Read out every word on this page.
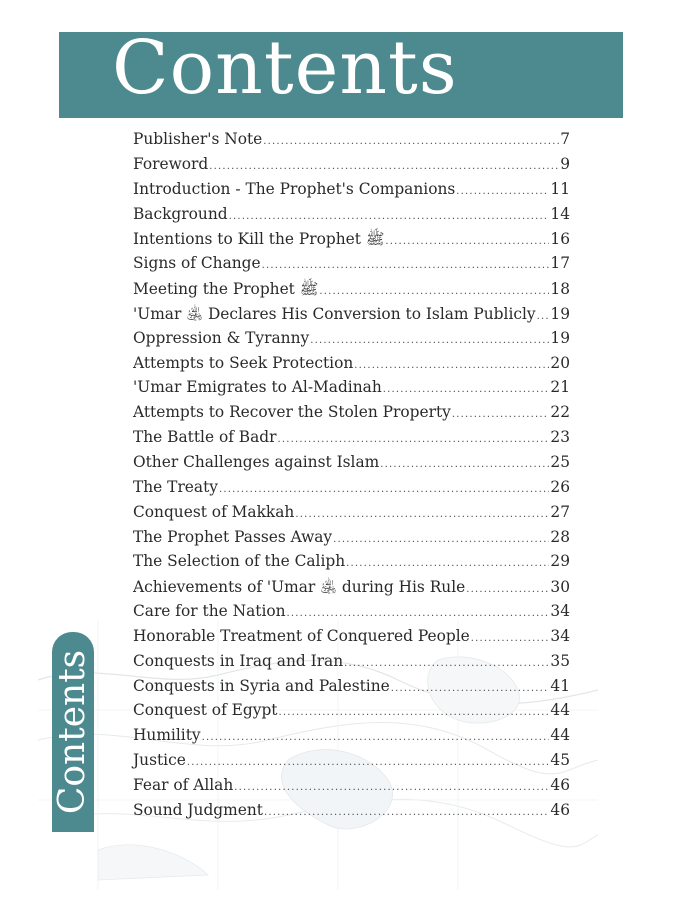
Contents
Contents
Publisher's Note .....	7
Foreword .....	9
Introduction - The Prophet's Companions .....	11
Background .....	14
Intentions to Kill the Prophet ﷺ .....	16
Signs of Change .....	17
Meeting the Prophet ﷺ .....	18
'Umar ﵁ Declares His Conversion to Islam Publicly ..... 19
Oppression & Tyranny .....	19
Attempts to Seek Protection .....	20
'Umar Emigrates to Al-Madinah .....	21
Attempts to Recover the Stolen Property .....	22
The Battle of Badr .....	23
Other Challenges against Islam .....	25
The Treaty .....	26
Conquest of Makkah .....	27
The Prophet Passes Away .....	28
The Selection of the Caliph .....	29
Achievements of 'Umar ﵁ during His Rule .....	30
Care for the Nation .....	34
Honorable Treatment of Conquered People .....	34
Conquests in Iraq and Iran .....	35
Conquests in Syria and Palestine .....	41
Conquest of Egypt .....	44
Humility .....	44
Justice .....	45
Fear of Allah .....	46
Sound Judgment .....	46
